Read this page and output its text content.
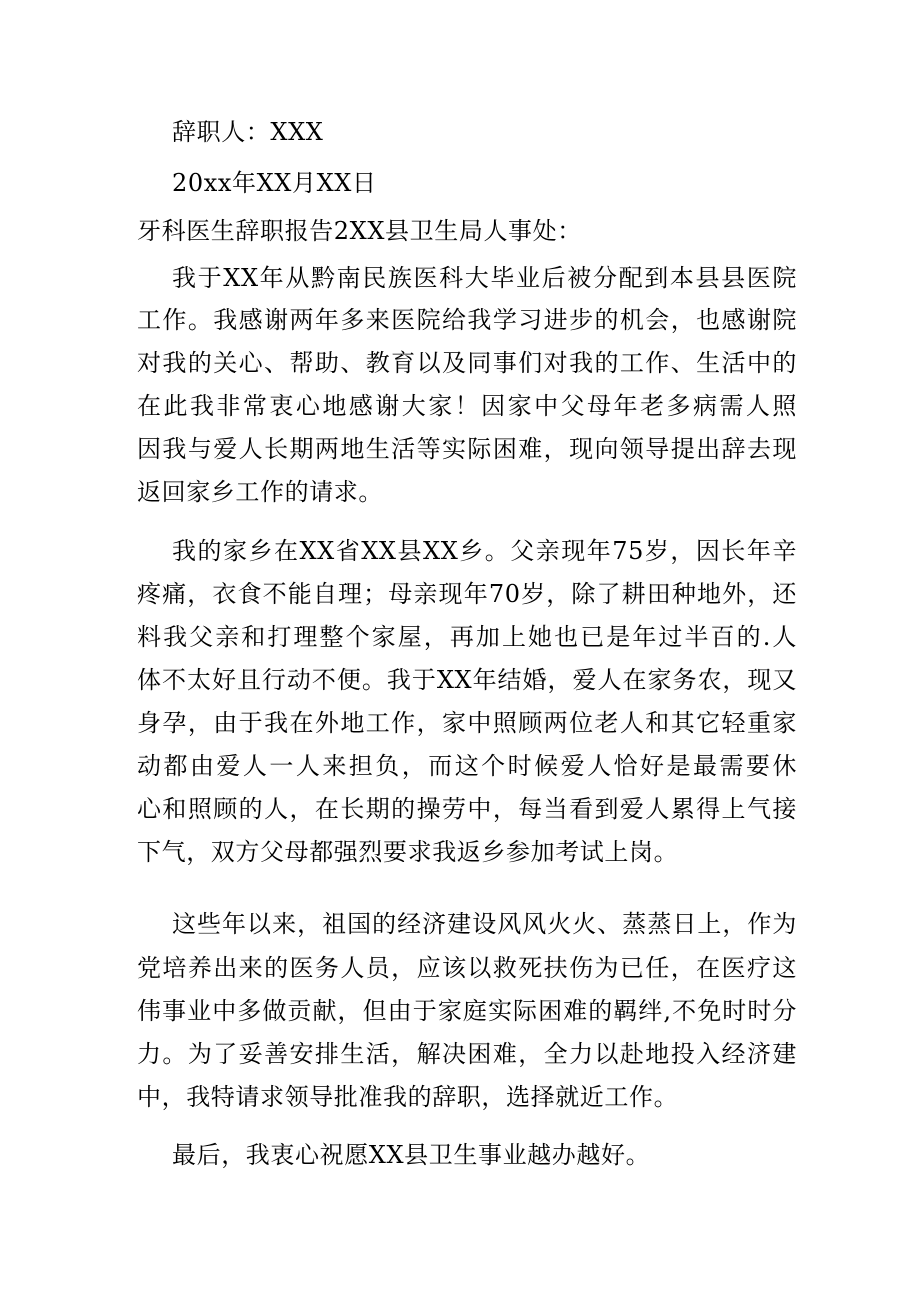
辞职人：XXX
20xx年XX月XX日
牙科医生辞职报告2XX县卫生局人事处：
我于XX年从黔南民族医科大毕业后被分配到本县县医院
工作。我感谢两年多来医院给我学习进步的机会，也感谢院
对我的关心、帮助、教育以及同事们对我的工作、生活中的
在此我非常衷心地感谢大家！因家中父母年老多病需人照
因我与爱人长期两地生活等实际困难，现向领导提出辞去现
返回家乡工作的请求。
我的家乡在XX省XX县XX乡。父亲现年75岁，因长年辛
疼痛，衣食不能自理；母亲现年70岁，除了耕田种地外，还
料我父亲和打理整个家屋，再加上她也已是年过半百的.人
体不太好且行动不便。我于XX年结婚，爱人在家务农，现又
身孕，由于我在外地工作，家中照顾两位老人和其它轻重家
动都由爱人一人来担负，而这个时候爱人恰好是最需要休
心和照顾的人，在长期的操劳中，每当看到爱人累得上气接
下气，双方父母都强烈要求我返乡参加考试上岗。
这些年以来，祖国的经济建设风风火火、蒸蒸日上，作为
党培养出来的医务人员，应该以救死扶伤为已任，在医疗这
伟事业中多做贡献，但由于家庭实际困难的羁绊,不免时时分
力。为了妥善安排生活，解决困难，全力以赴地投入经济建
中，我特请求领导批准我的辞职，选择就近工作。
最后，我衷心祝愿XX县卫生事业越办越好。
